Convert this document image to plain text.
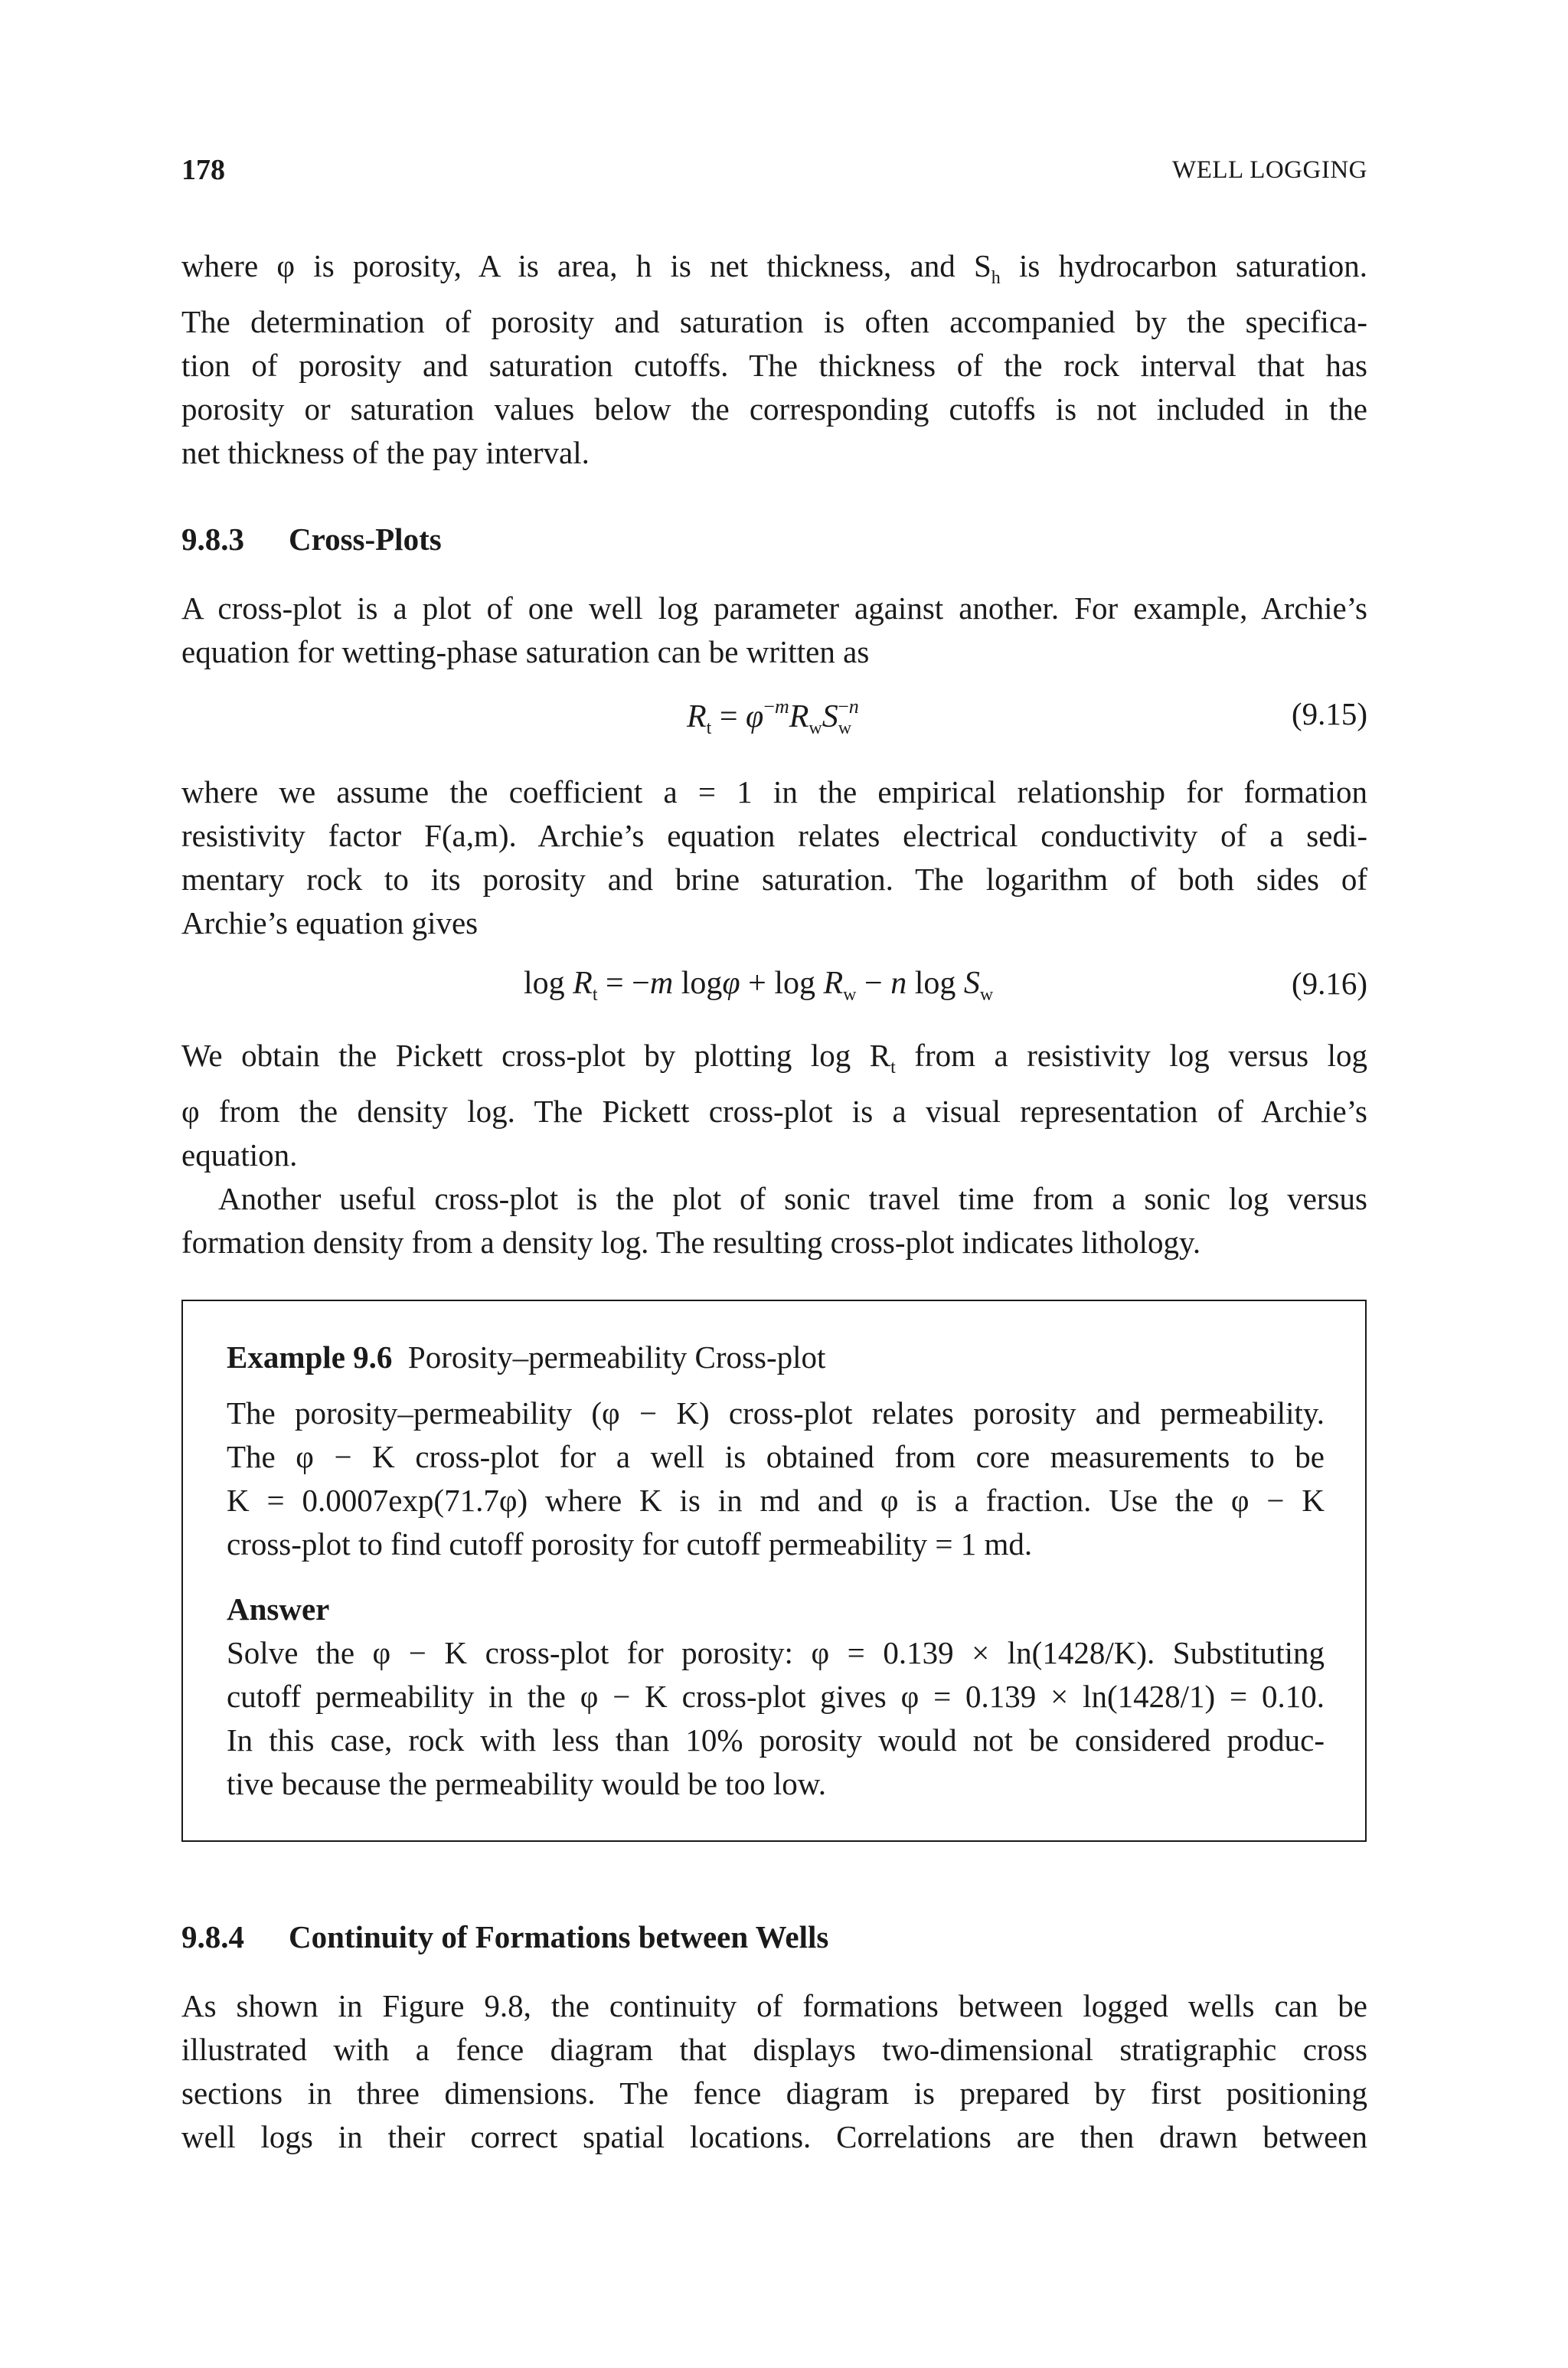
178	WELL LOGGING
where φ is porosity, A is area, h is net thickness, and $S_h$ is hydrocarbon saturation.
The determination of porosity and saturation is often accompanied by the specifica-
tion of porosity and saturation cutoffs. The thickness of the rock interval that has
porosity or saturation values below the corresponding cutoffs is not included in the
net thickness of the pay interval.
9.8.3 Cross-Plots
A cross-plot is a plot of one well log parameter against another. For example, Archie’s
equation for wetting-phase saturation can be written as
$R_t = \varphi^{-m}R_wS_w^{-n}$	(9.15)
where we assume the coefficient a = 1 in the empirical relationship for formation
resistivity factor F(a,m). Archie’s equation relates electrical conductivity of a sedi-
mentary rock to its porosity and brine saturation. The logarithm of both sides of
Archie’s equation gives
$\log R_t = -m$ $\log\varphi + \log R_w - n$ $\log S_w$	(9.16)
We obtain the Pickett cross-plot by plotting $\log R_t$ from a resistivity log versus log
φ from the density log. The Pickett cross-plot is a visual representation of Archie’s
equation.
Another useful cross-plot is the plot of sonic travel time from a sonic log versus
formation density from a density log. The resulting cross-plot indicates lithology.
Example 9.6 Porosity–permeability Cross-plot
The porosity–permeability (φ − K) cross-plot relates porosity and permeability.
The φ − K cross-plot for a well is obtained from core measurements to be
K = 0.0007exp(71.7φ) where K is in md and φ is a fraction. Use the φ − K
cross-plot to find cutoff porosity for cutoff permeability = 1 md.
Answer
Solve the φ − K cross-plot for porosity: φ = 0.139 × ln(1428/K). Substituting
cutoff permeability in the φ − K cross-plot gives φ = 0.139 × ln(1428/1) = 0.10.
In this case, rock with less than 10% porosity would not be considered produc-
tive because the permeability would be too low.
9.8.4 Continuity of Formations between Wells
As shown in Figure 9.8, the continuity of formations between logged wells can be
illustrated with a fence diagram that displays two-dimensional stratigraphic cross
sections in three dimensions. The fence diagram is prepared by first positioning
well logs in their correct spatial locations. Correlations are then drawn between
